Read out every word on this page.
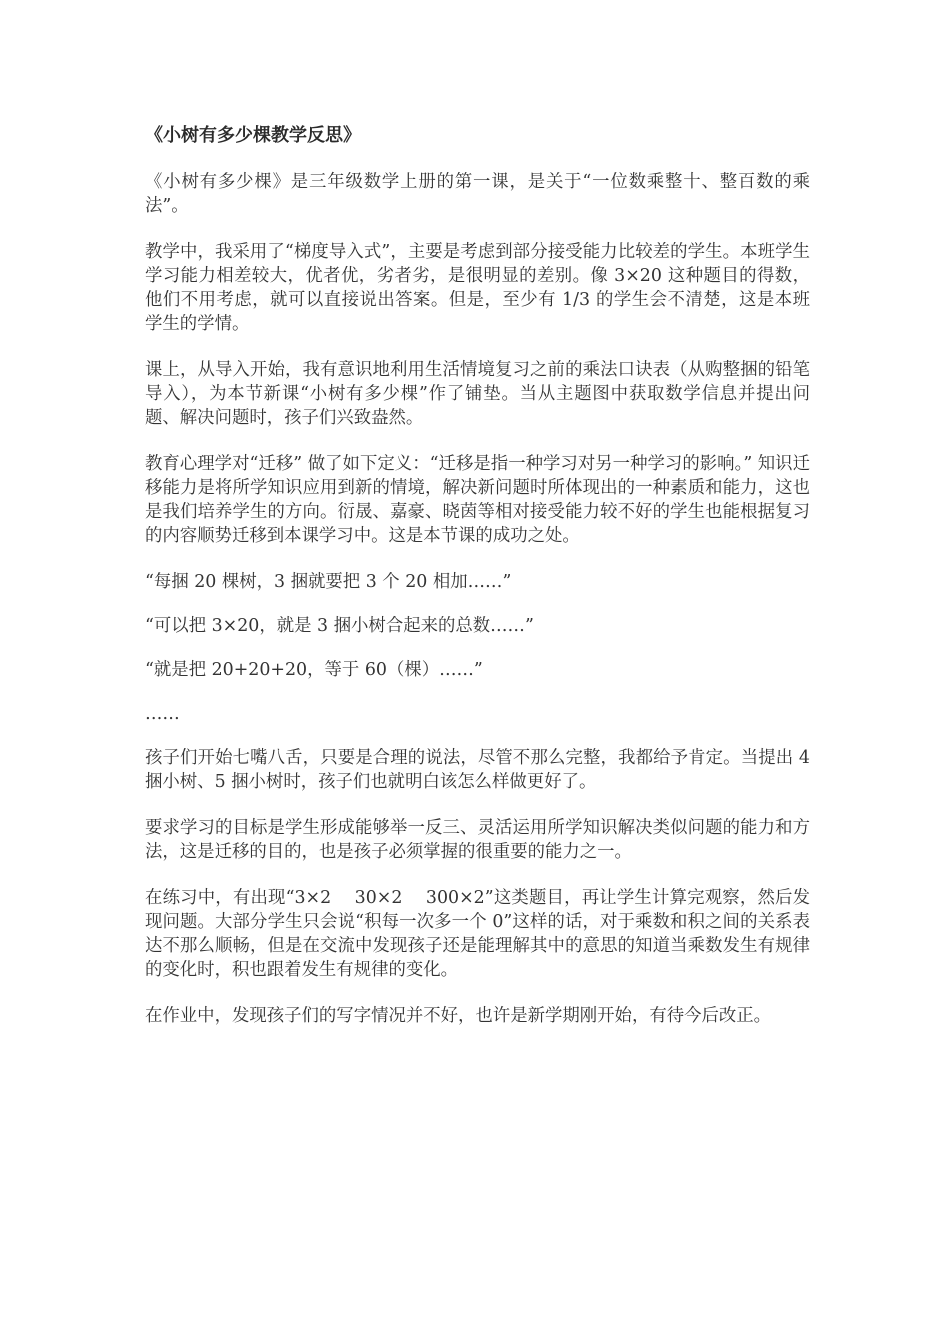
《小树有多少棵教学反思》

《小树有多少棵》是三年级数学上册的第一课，是关于“一位数乘整十、整百数的乘法”。

教学中，我采用了“梯度导入式”，主要是考虑到部分接受能力比较差的学生。本班学生学习能力相差较大，优者优，劣者劣，是很明显的差别。像 3×20 这种题目的得数，他们不用考虑，就可以直接说出答案。但是，至少有 1/3 的学生会不清楚，这是本班学生的学情。

课上，从导入开始，我有意识地利用生活情境复习之前的乘法口诀表（从购整捆的铅笔导入），为本节新课“小树有多少棵”作了铺垫。当从主题图中获取数学信息并提出问题、解决问题时，孩子们兴致盎然。

教育心理学对“迁移” 做了如下定义：“迁移是指一种学习对另一种学习的影响。” 知识迁移能力是将所学知识应用到新的情境，解决新问题时所体现出的一种素质和能力，这也是我们培养学生的方向。衍晟、嘉豪、晓茵等相对接受能力较不好的学生也能根据复习的内容顺势迁移到本课学习中。这是本节课的成功之处。

“每捆 20 棵树，3 捆就要把 3 个 20 相加……”

“可以把 3×20，就是 3 捆小树合起来的总数……”

“就是把 20+20+20，等于 60（棵）……”

……

孩子们开始七嘴八舌，只要是合理的说法，尽管不那么完整，我都给予肯定。当提出 4 捆小树、5 捆小树时，孩子们也就明白该怎么样做更好了。

要求学习的目标是学生形成能够举一反三、灵活运用所学知识解决类似问题的能力和方法，这是迁移的目的，也是孩子必须掌握的很重要的能力之一。

在练习中，有出现“3×2　 30×2　 300×2”这类题目，再让学生计算完观察，然后发现问题。大部分学生只会说“积每一次多一个 0”这样的话，对于乘数和积之间的关系表达不那么顺畅，但是在交流中发现孩子还是能理解其中的意思的知道当乘数发生有规律的变化时，积也跟着发生有规律的变化。

在作业中，发现孩子们的写字情况并不好，也许是新学期刚开始，有待今后改正。
